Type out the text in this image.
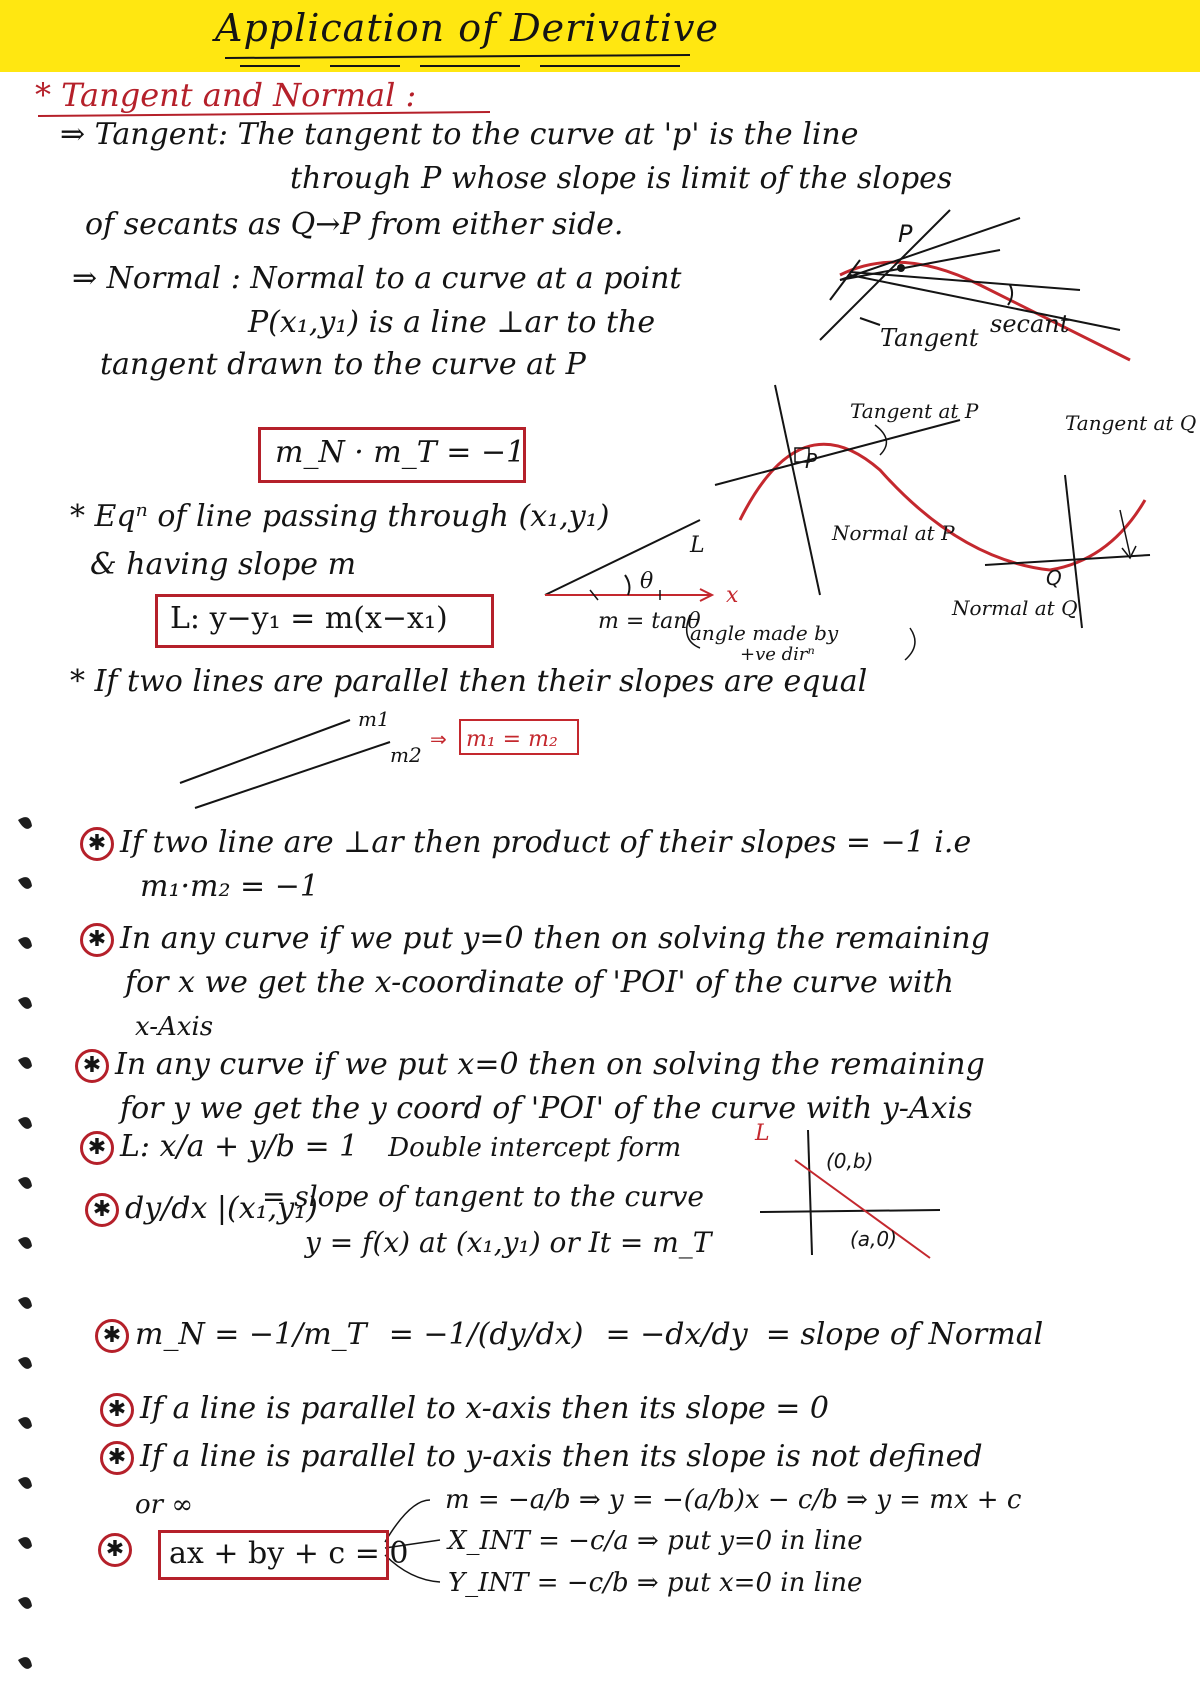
Application of Derivative
* Tangent and Normal :
⇒ Tangent: The tangent to the curve at 'p' is the line
through P whose slope is limit of the slopes
of secants as Q→P from either side.
⇒ Normal : Normal to a curve at a point
P(x₁,y₁) is a line ⊥ar to the
tangent drawn to the curve at P
m_N · m_T = −1
* Eqⁿ of line passing through (x₁,y₁)
& having slope m
L: y−y₁ = m(x−x₁)
P
secant
Tangent
Tangent at P	Tangent at Q
P
Q
Normal at P
Normal at Q
θ
x
L
m = tanθ
angle made by
+ve dirⁿ
m1
m2
⇒ m₁ = m₂
L
(0,b)
(a,0)
* If two lines are parallel then their slopes are equal
✱ If two line are ⊥ar then product of their slopes = −1 i.e
m₁·m₂ = −1
✱ In any curve if we put y=0 then on solving the remaining
for x we get the x-coordinate of 'POI' of the curve with
x-Axis
✱ In any curve if we put x=0 then on solving the remaining
for y we get the y coord of 'POI' of the curve with y-Axis
✱ L: x/a + y/b = 1 Double intercept form
✱ dy/dx |(x₁,y₁)
= slope of tangent to the curve
y = f(x) at (x₁,y₁) or It = m_T
✱ m_N = −1/m_T = −1/(dy/dx) = −dx/dy = slope of Normal
✱ If a line is parallel to x-axis then its slope = 0
✱ If a line is parallel to y-axis then its slope is not defined
or ∞
✱	ax + by + c = 0
m = −a/b ⇒ y = −(a/b)x − c/b ⇒ y = mx + c
X_INT = −c/a ⇒ put y=0 in line
Y_INT = −c/b ⇒ put x=0 in line
